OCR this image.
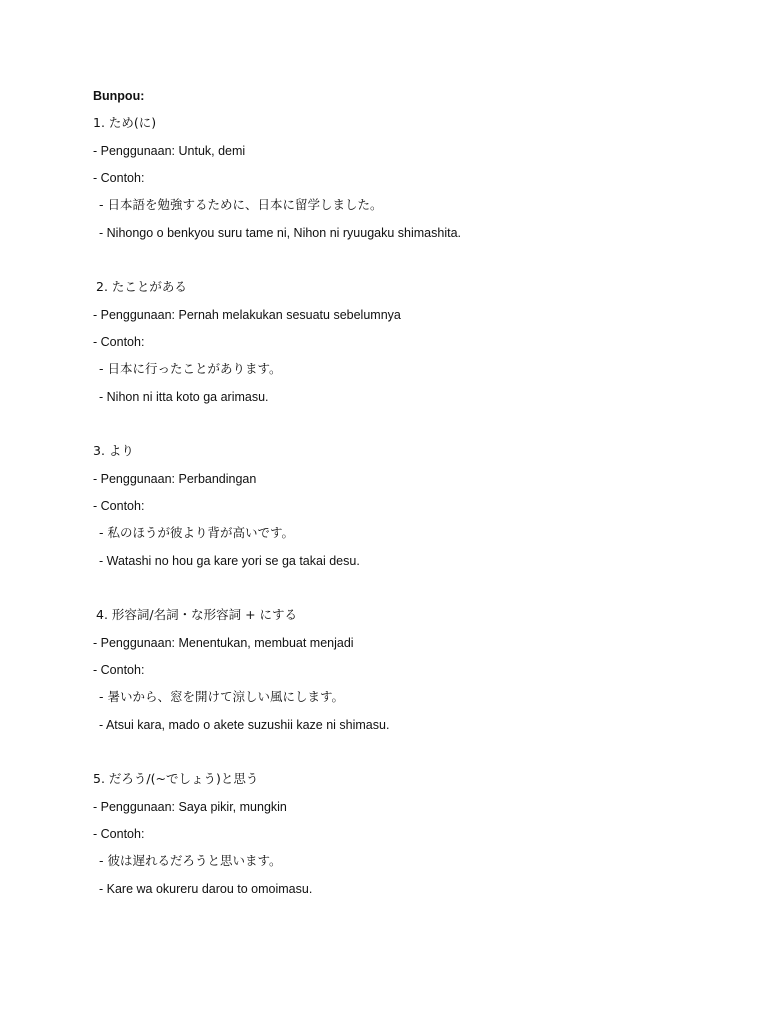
Bunpou:
1. ため(に)
- Penggunaan: Untuk, demi
- Contoh:
- 日本語を勉強するために、日本に留学しました。
- Nihongo o benkyou suru tame ni, Nihon ni ryuugaku shimashita.
2. たことがある
- Penggunaan: Pernah melakukan sesuatu sebelumnya
- Contoh:
- 日本に行ったことがあります。
- Nihon ni itta koto ga arimasu.
3. より
- Penggunaan: Perbandingan
- Contoh:
- 私のほうが彼より背が高いです。
- Watashi no hou ga kare yori se ga takai desu.
4. 形容詞/名詞・な形容詞 + にする
- Penggunaan: Menentukan, membuat menjadi
- Contoh:
- 暑いから、窓を開けて涼しい風にします。
- Atsui kara, mado o akete suzushii kaze ni shimasu.
5. だろう/(~でしょう)と思う
- Penggunaan: Saya pikir, mungkin
- Contoh:
- 彼は遅れるだろうと思います。
- Kare wa okureru darou to omoimasu.
